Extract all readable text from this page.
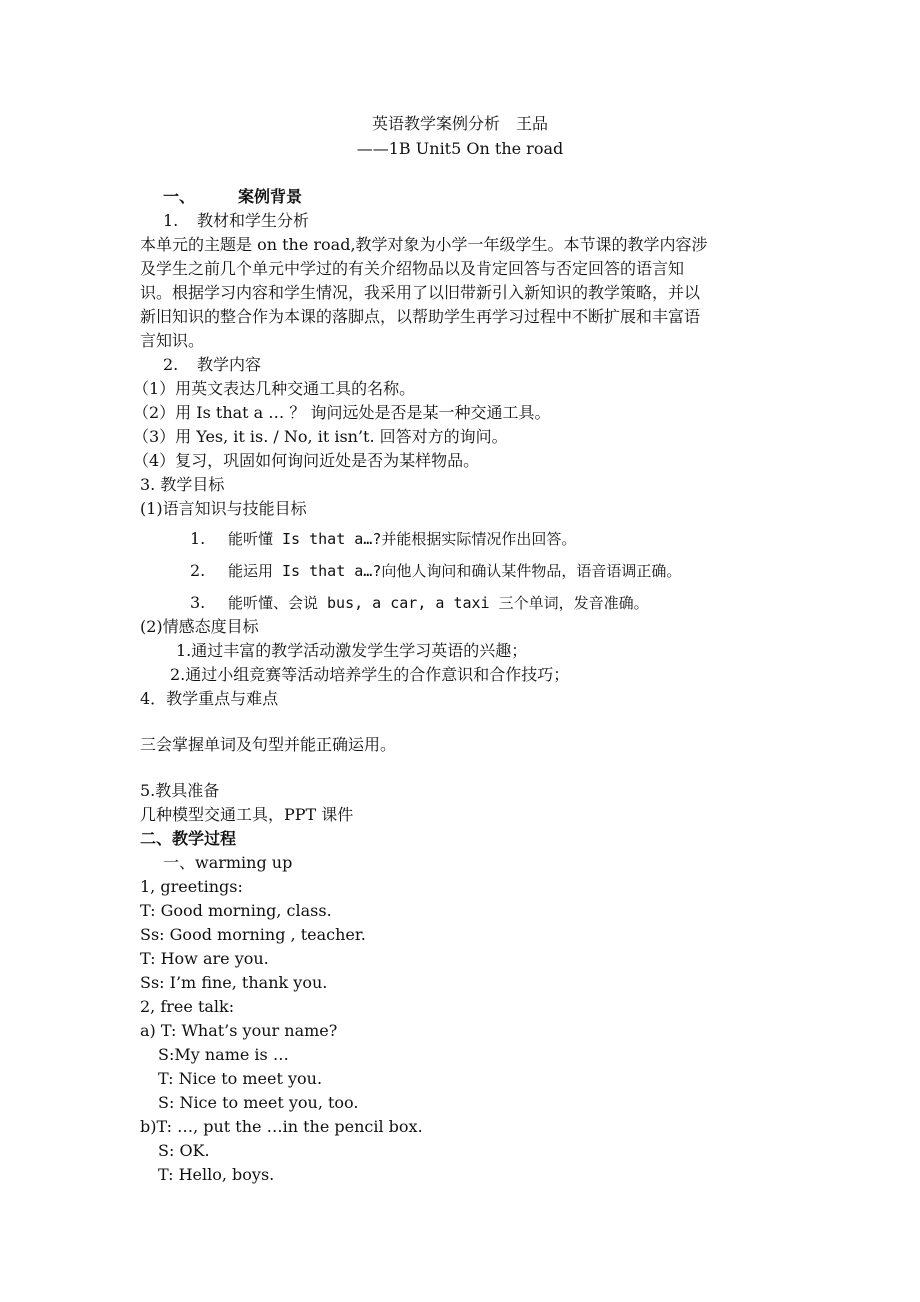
英语教学案例分析　王品
——1B Unit5 On the road
一、	案例背景
1. 教材和学生分析
本单元的主题是 on the road,教学对象为小学一年级学生。本节课的教学内容涉
及学生之前几个单元中学过的有关介绍物品以及肯定回答与否定回答的语言知
识。根据学习内容和学生情况，我采用了以旧带新引入新知识的教学策略，并以
新旧知识的整合作为本课的落脚点，以帮助学生再学习过程中不断扩展和丰富语
言知识。
2. 教学内容
（1）用英文表达几种交通工具的名称。
（2）用 Is that a … ？ 询问远处是否是某一种交通工具。
（3）用 Yes, it is. / No, it isn’t. 回答对方的询问。
（4）复习，巩固如何询问近处是否为某样物品。
3. 教学目标
(1)语言知识与技能目标
1. 能听懂 Is that a…?并能根据实际情况作出回答。
2. 能运用 Is that a…?向他人询问和确认某件物品，语音语调正确。
3. 能听懂、会说 bus, a car, a taxi 三个单词，发音准确。
(2)情感态度目标
1.通过丰富的教学活动激发学生学习英语的兴趣；
2.通过小组竞赛等活动培养学生的合作意识和合作技巧；
4．教学重点与难点
三会掌握单词及句型并能正确运用。
5.教具准备
几种模型交通工具，PPT 课件
二、教学过程
一、warming up
1, greetings:
T: Good morning, class.
Ss: Good morning , teacher.
T: How are you.
Ss: I’m fine, thank you.
2, free talk:
a) T: What’s your name?
S:My name is …
T: Nice to meet you.
S: Nice to meet you, too.
b)T: …, put the …in the pencil box.
S: OK.
T: Hello, boys.
